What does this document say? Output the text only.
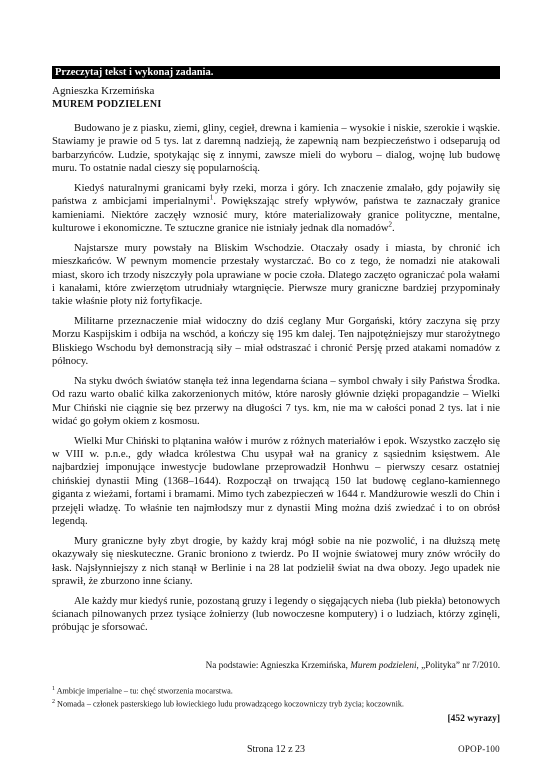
Przeczytaj tekst i wykonaj zadania.
Agnieszka Krzemińska
MUREM PODZIELENI

Budowano je z piasku, ziemi, gliny, cegieł, drewna i kamienia – wysokie i niskie, szerokie i wąskie. Stawiamy je prawie od 5 tys. lat z daremną nadzieją, że zapewnią nam bezpieczeństwo i odseparują od barbarzyńców. Ludzie, spotykając się z innymi, zawsze mieli do wyboru – dialog, wojnę lub budowę muru. To ostatnie nadal cieszy się popularnością.

Kiedyś naturalnymi granicami były rzeki, morza i góry. Ich znaczenie zmalało, gdy pojawiły się państwa z ambicjami imperialnymi$^1$. Powiększając strefy wpływów, państwa te zaznaczały granice kamieniami. Niektóre zaczęły wznosić mury, które materializowały granice polityczne, mentalne, kulturowe i ekonomiczne. Te sztuczne granice nie istniały jednak dla nomadów$^2$.

Najstarsze mury powstały na Bliskim Wschodzie. Otaczały osady i miasta, by chronić ich mieszkańców. W pewnym momencie przestały wystarczać. Bo co z tego, że nomadzi nie atakowali miast, skoro ich trzody niszczyły pola uprawiane w pocie czoła. Dlatego zaczęto ograniczać pola wałami i kanałami, które zwierzętom utrudniały wtargnięcie. Pierwsze mury graniczne bardziej przypominały takie właśnie płoty niż fortyfikacje.

Militarne przeznaczenie miał widoczny do dziś ceglany Mur Gorgański, który zaczyna się przy Morzu Kaspijskim i odbija na wschód, a kończy się 195 km dalej. Ten najpotężniejszy mur starożytnego Bliskiego Wschodu był demonstracją siły – miał odstraszać i chronić Persję przed atakami nomadów z północy.

Na styku dwóch światów stanęła też inna legendarna ściana – symbol chwały i siły Państwa Środka. Od razu warto obalić kilka zakorzenionych mitów, które narosły głównie dzięki propagandzie – Wielki Mur Chiński nie ciągnie się bez przerwy na długości 7 tys. km, nie ma w całości ponad 2 tys. lat i nie widać go gołym okiem z kosmosu.

Wielki Mur Chiński to plątanina wałów i murów z różnych materiałów i epok. Wszystko zaczęło się w VIII w. p.n.e., gdy władca królestwa Chu usypał wał na granicy z sąsiednim księstwem. Ale najbardziej imponujące inwestycje budowlane przeprowadził Honhwu – pierwszy cesarz ostatniej chińskiej dynastii Ming (1368–1644). Rozpoczął on trwającą 150 lat budowę ceglano-kamiennego giganta z wieżami, fortami i bramami. Mimo tych zabezpieczeń w 1644 r. Mandżurowie weszli do Chin i przejęli władzę. To właśnie ten najmłodszy mur z dynastii Ming można dziś zwiedzać i to on obrósł legendą.

Mury graniczne były zbyt drogie, by każdy kraj mógł sobie na nie pozwolić, i na dłuższą metę okazywały się nieskuteczne. Granic broniono z twierdz. Po II wojnie światowej mury znów wróciły do łask. Najsłynniejszy z nich stanął w Berlinie i na 28 lat podzielił świat na dwa obozy. Jego upadek nie sprawił, że zburzono inne ściany.

Ale każdy mur kiedyś runie, pozostaną gruzy i legendy o sięgających nieba (lub piekła) betonowych ścianach pilnowanych przez tysiące żołnierzy (lub nowoczesne komputery) i o ludziach, którzy zginęli, próbując je sforsować.

Na podstawie: Agnieszka Krzemińska, Murem podzieleni, „Polityka” nr 7/2010.
$^1$ Ambicje imperialne – tu: chęć stworzenia mocarstwa.
$^2$ Nomada – członek pasterskiego lub łowieckiego ludu prowadzącego koczowniczy tryb życia; koczownik.
[452 wyrazy]
Strona 12 z 23	OPOP-100
